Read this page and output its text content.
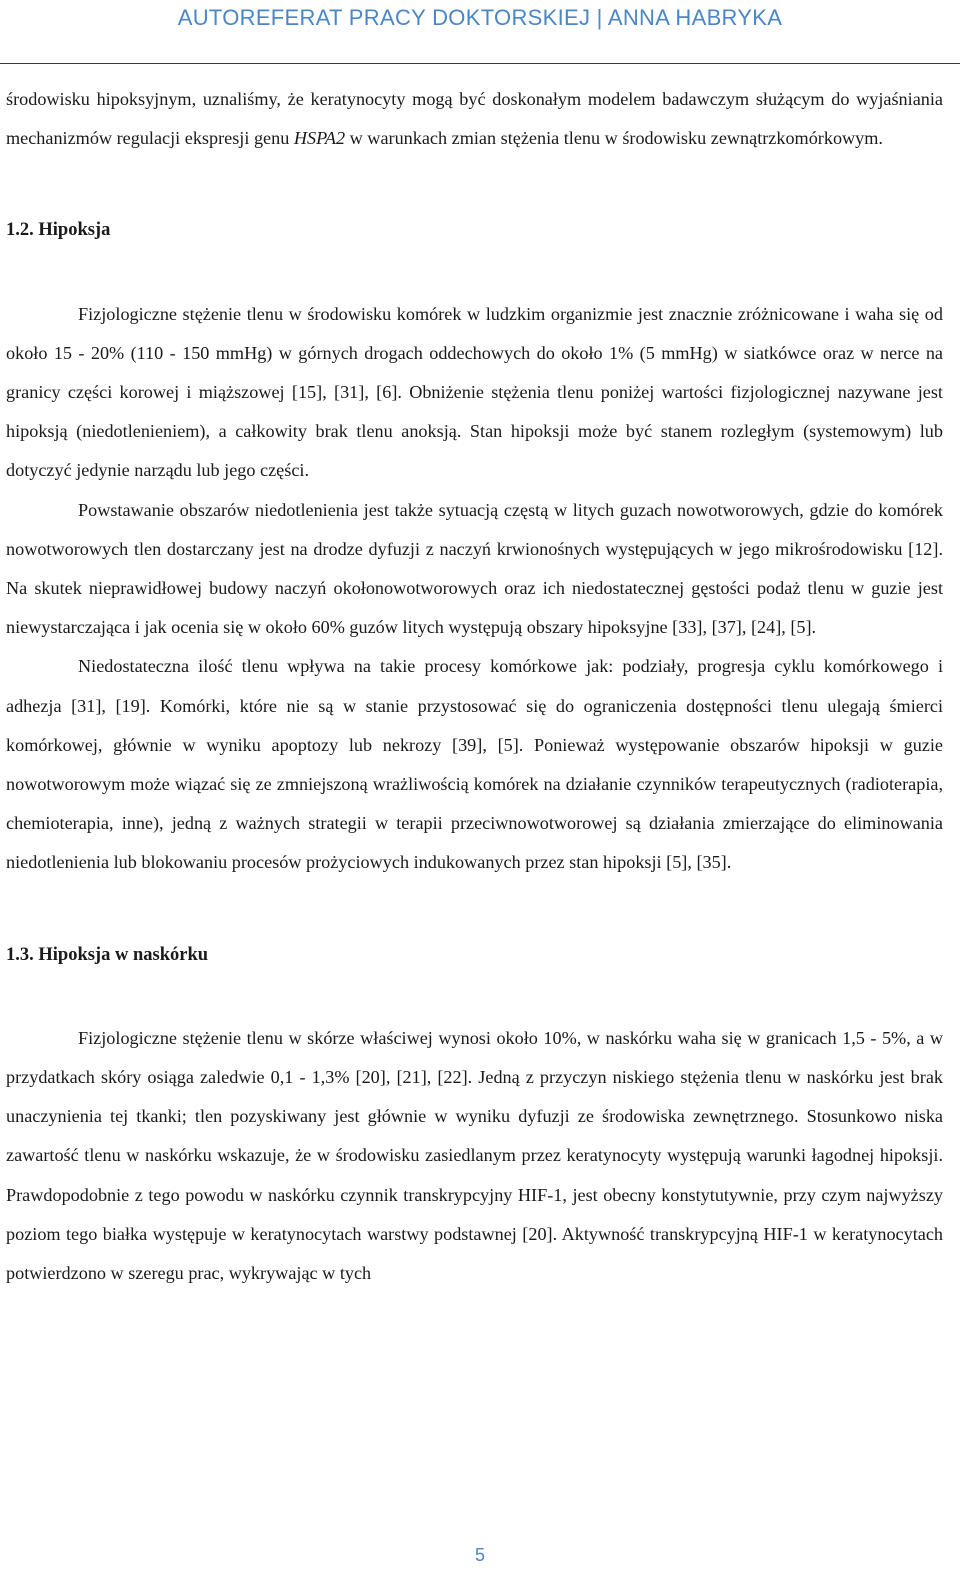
AUTOREFERAT PRACY DOKTORSKIEJ | ANNA HABRYKA

środowisku hipoksyjnym, uznaliśmy, że keratynocyty mogą być doskonałym modelem badawczym służącym do wyjaśniania mechanizmów regulacji ekspresji genu HSPA2 w warunkach zmian stężenia tlenu w środowisku zewnątrzkomórkowym.

1.2. Hipoksja

Fizjologiczne stężenie tlenu w środowisku komórek w ludzkim organizmie jest znacznie zróżnicowane i waha się od około 15 - 20% (110 - 150 mmHg) w górnych drogach oddechowych do około 1% (5 mmHg) w siatkówce oraz w nerce na granicy części korowej i miąższowej [15], [31], [6]. Obniżenie stężenia tlenu poniżej wartości fizjologicznej nazywane jest hipoksją (niedotlenieniem), a całkowity brak tlenu anoksją. Stan hipoksji może być stanem rozległym (systemowym) lub dotyczyć jedynie narządu lub jego części.

Powstawanie obszarów niedotlenienia jest także sytuacją częstą w litych guzach nowotworowych, gdzie do komórek nowotworowych tlen dostarczany jest na drodze dyfuzji z naczyń krwionośnych występujących w jego mikrośrodowisku [12]. Na skutek nieprawidłowej budowy naczyń okołonowotworowych oraz ich niedostatecznej gęstości podaż tlenu w guzie jest niewystarczająca i jak ocenia się w około 60% guzów litych występują obszary hipoksyjne [33], [37], [24], [5].

Niedostateczna ilość tlenu wpływa na takie procesy komórkowe jak: podziały, progresja cyklu komórkowego i adhezja [31], [19]. Komórki, które nie są w stanie przystosować się do ograniczenia dostępności tlenu ulegają śmierci komórkowej, głównie w wyniku apoptozy lub nekrozy [39], [5]. Ponieważ występowanie obszarów hipoksji w guzie nowotworowym może wiązać się ze zmniejszoną wrażliwością komórek na działanie czynników terapeutycznych (radioterapia, chemioterapia, inne), jedną z ważnych strategii w terapii przeciwnowotworowej są działania zmierzające do eliminowania niedotlenienia lub blokowaniu procesów prożyciowych indukowanych przez stan hipoksji [5], [35].

1.3. Hipoksja w naskórku

Fizjologiczne stężenie tlenu w skórze właściwej wynosi około 10%, w naskórku waha się w granicach 1,5 - 5%, a w przydatkach skóry osiąga zaledwie 0,1 - 1,3% [20], [21], [22]. Jedną z przyczyn niskiego stężenia tlenu w naskórku jest brak unaczynienia tej tkanki; tlen pozyskiwany jest głównie w wyniku dyfuzji ze środowiska zewnętrznego. Stosunkowo niska zawartość tlenu w naskórku wskazuje, że w środowisku zasiedlanym przez keratynocyty występują warunki łagodnej hipoksji. Prawdopodobnie z tego powodu w naskórku czynnik transkrypcyjny HIF-1, jest obecny konstytutywnie, przy czym najwyższy poziom tego białka występuje w keratynocytach warstwy podstawnej [20]. Aktywność transkrypcyjną HIF-1 w keratynocytach potwierdzono w szeregu prac, wykrywając w tych

5
